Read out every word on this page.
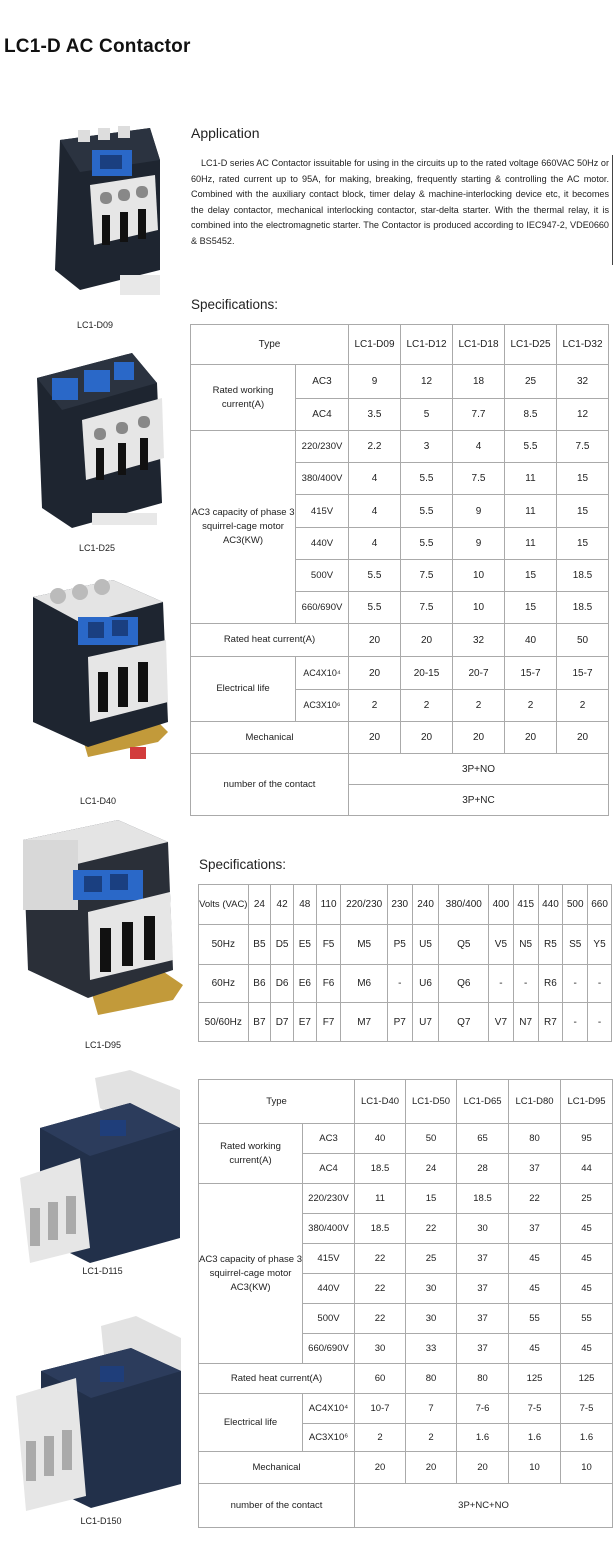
LC1-D AC Contactor
LC1-D09
LC1-D25
LC1-D40
LC1-D95
LC1-D115
LC1-D150
Application

LC1-D series AC Contactor issuitable for using in the circuits up to the rated voltage 660VAC 50Hz or 60Hz, rated current up to 95A, for making, breaking, frequently starting & controlling the AC motor. Combined with the auxiliary contact block, timer delay & machine-interlocking device etc, it becomes the delay contactor, mechanical interlocking contactor, star-delta starter. With the thermal relay, it is combined into the electromagnetic starter. The Contactor is produced according to IEC947-2, VDE0660 & BS5452.

Specifications:
Type		LC1-D09	LC1-D12	LC1-D18	LC1-D25	LC1-D32
Rated working current(A)	AC3	9	12	18	25	32
	AC4	3.5	5	7.7	8.5	12
AC3 capacity of phase 3 squirrel-cage motor AC3(KW)	220/230V	2.2	3	4	5.5	7.5
	380/400V	4	5.5	7.5	11	15
	415V	4	5.5	9	11	15
	440V	4	5.5	9	11	15
	500V	5.5	7.5	10	15	18.5
	660/690V	5.5	7.5	10	15	18.5
Rated heat current(A)		20	20	32	40	50
Electrical life	AC4X10⁴	20	20-15	20-7	15-7	15-7
	AC3X10⁶	2	2	2	2	2
Mechanical		20	20	20	20	20
number of the contact		3P+NO				
		3P+NC				
Specifications:
Volts (VAC)	24	42	48	110	220/230	230	240	380/400	400	415	440	500	660
50Hz	B5	D5	E5	F5	M5	P5	U5	Q5	V5	N5	R5	S5	Y5
60Hz	B6	D6	E6	F6	M6	-	U6	Q6	-	-	R6	-	-
50/60Hz	B7	D7	E7	F7	M7	P7	U7	Q7	V7	N7	R7	-	-
Type		LC1-D40	LC1-D50	LC1-D65	LC1-D80	LC1-D95
Rated working current(A)	AC3	40	50	65	80	95
	AC4	18.5	24	28	37	44
AC3 capacity of phase 3 squirrel-cage motor AC3(KW)	220/230V	11	15	18.5	22	25
	380/400V	18.5	22	30	37	45
	415V	22	25	37	45	45
	440V	22	30	37	45	45
	500V	22	30	37	55	55
	660/690V	30	33	37	45	45
Rated heat current(A)		60	80	80	125	125
Electrical life	AC4X10⁴	10-7	7	7-6	7-5	7-5
	AC3X10⁶	2	2	1.6	1.6	1.6
Mechanical		20	20	20	10	10
number of the contact		3P+NC+NO				
